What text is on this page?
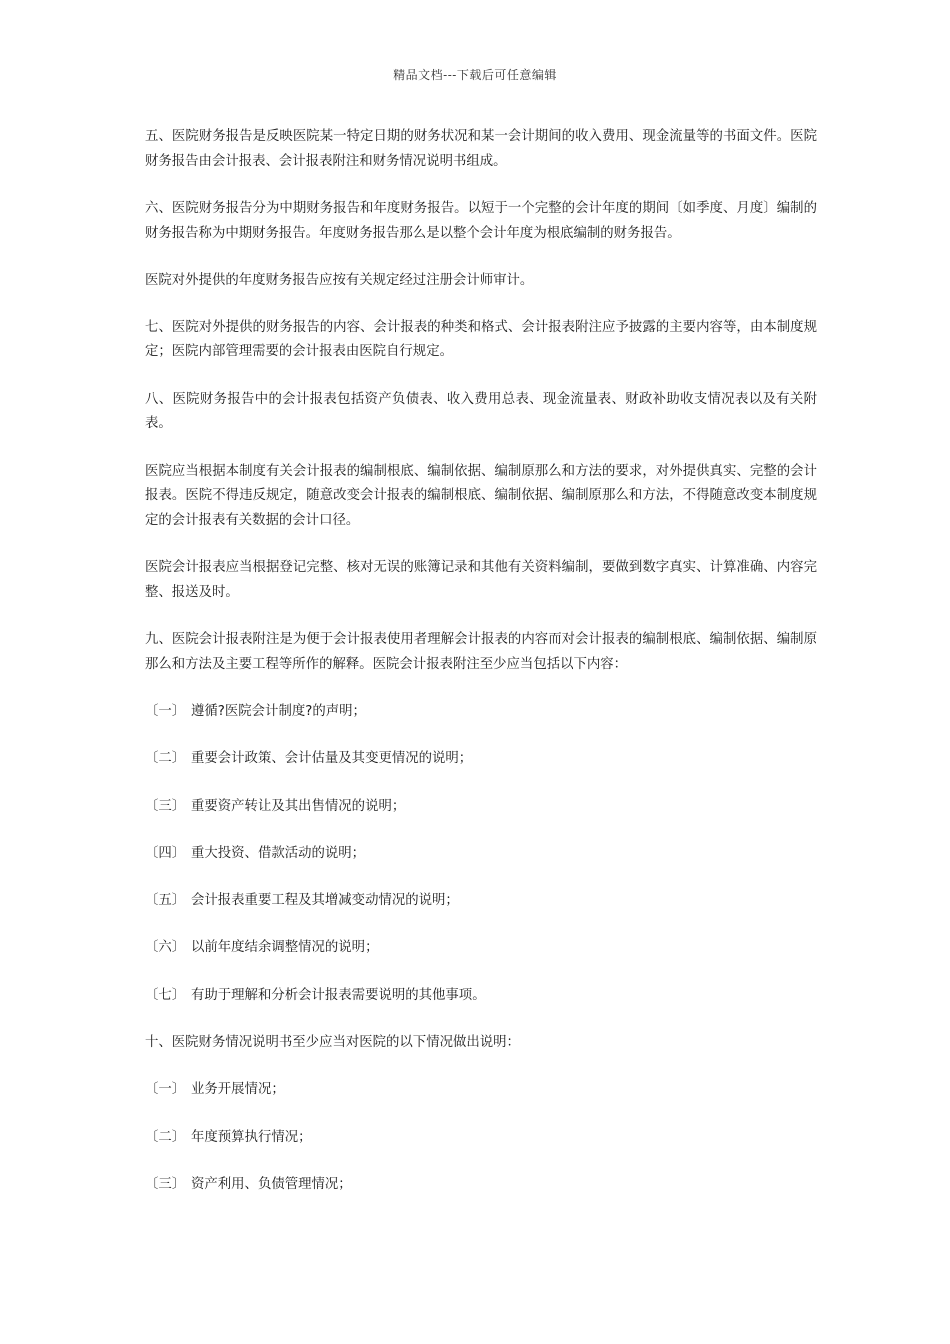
精品文档---下载后可任意编辑

五、医院财务报告是反映医院某一特定日期的财务状况和某一会计期间的收入费用、现金流量等的书面文件。医院财务报告由会计报表、会计报表附注和财务情况说明书组成。

六、医院财务报告分为中期财务报告和年度财务报告。以短于一个完整的会计年度的期间〔如季度、月度〕编制的财务报告称为中期财务报告。年度财务报告那么是以整个会计年度为根底编制的财务报告。

医院对外提供的年度财务报告应按有关规定经过注册会计师审计。

七、医院对外提供的财务报告的内容、会计报表的种类和格式、会计报表附注应予披露的主要内容等，由本制度规定；医院内部管理需要的会计报表由医院自行规定。

八、医院财务报告中的会计报表包括资产负债表、收入费用总表、现金流量表、财政补助收支情况表以及有关附表。

医院应当根据本制度有关会计报表的编制根底、编制依据、编制原那么和方法的要求，对外提供真实、完整的会计报表。医院不得违反规定，随意改变会计报表的编制根底、编制依据、编制原那么和方法，不得随意改变本制度规定的会计报表有关数据的会计口径。

医院会计报表应当根据登记完整、核对无误的账簿记录和其他有关资料编制，要做到数字真实、计算准确、内容完整、报送及时。

九、医院会计报表附注是为便于会计报表使用者理解会计报表的内容而对会计报表的编制根底、编制依据、编制原那么和方法及主要工程等所作的解释。医院会计报表附注至少应当包括以下内容：

〔一〕 遵循?医院会计制度?的声明；
〔二〕 重要会计政策、会计估量及其变更情况的说明；
〔三〕 重要资产转让及其出售情况的说明；
〔四〕 重大投资、借款活动的说明；
〔五〕 会计报表重要工程及其增减变动情况的说明；
〔六〕 以前年度结余调整情况的说明；
〔七〕 有助于理解和分析会计报表需要说明的其他事项。
十、医院财务情况说明书至少应当对医院的以下情况做出说明：
〔一〕 业务开展情况；
〔二〕 年度预算执行情况；
〔三〕 资产利用、负债管理情况；
